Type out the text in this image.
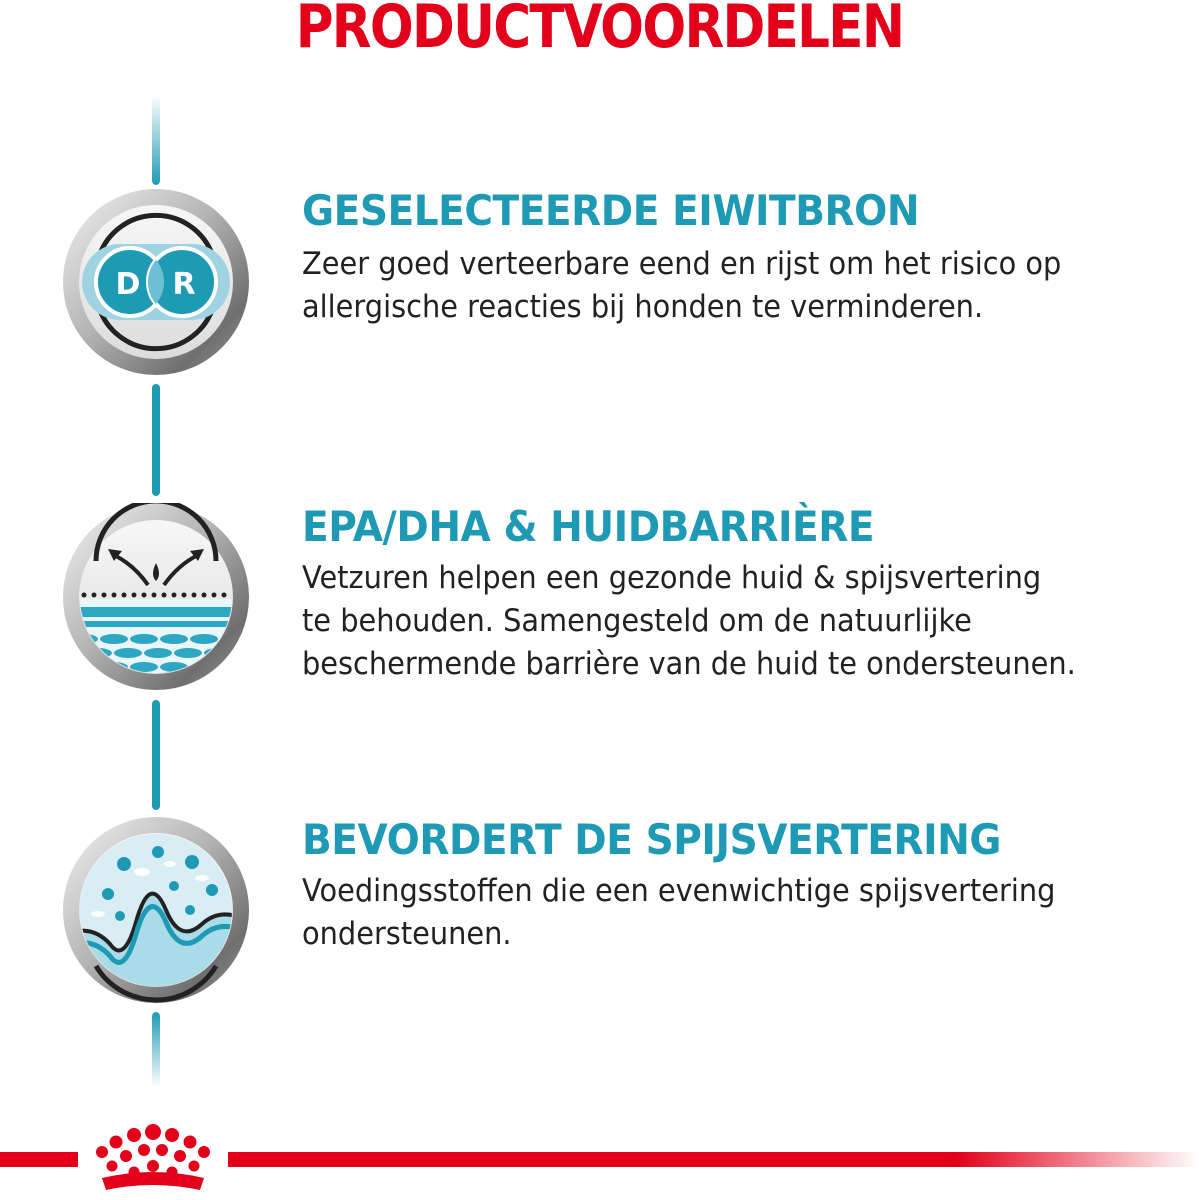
PRODUCTVOORDELEN
D R
GESELECTEERDE EIWITBRON

Zeer goed verteerbare eend en rijst om het risico op

allergische reacties bij honden te verminderen.

EPA/DHA & HUIDBARRIÈRE

Vetzuren helpen een gezonde huid & spijsvertering

te behouden. Samengesteld om de natuurlijke

beschermende barrière van de huid te ondersteunen.

BEVORDERT DE SPIJSVERTERING

Voedingsstoffen die een evenwichtige spijsvertering

ondersteunen.
